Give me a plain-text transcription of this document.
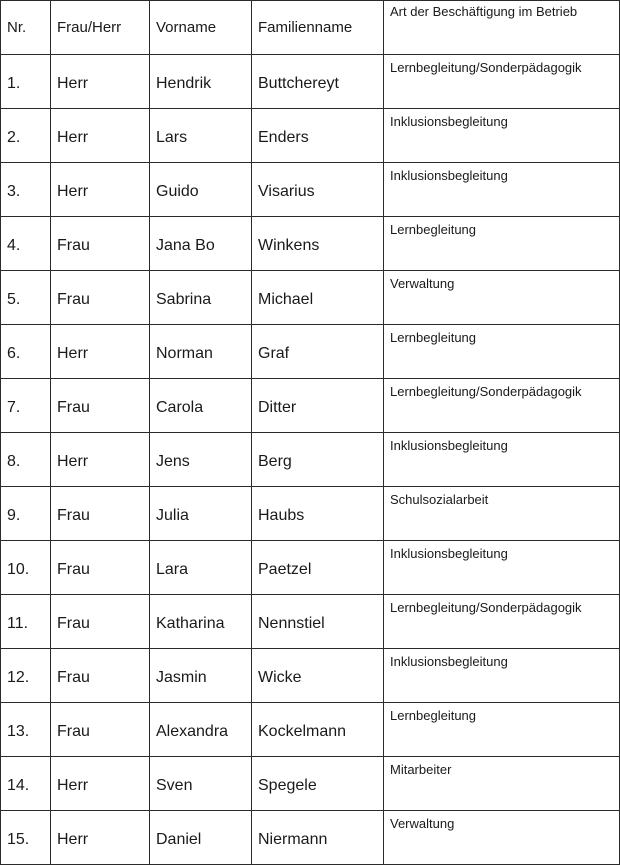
Nr.	Frau/Herr	Vorname	Familienname	Art der Beschäftigung im Betrieb
1.	Herr	Hendrik	Buttchereyt	Lernbegleitung/Sonderpädagogik
2.	Herr	Lars	Enders	Inklusionsbegleitung
3.	Herr	Guido	Visarius	Inklusionsbegleitung
4.	Frau	Jana Bo	Winkens	Lernbegleitung
5.	Frau	Sabrina	Michael	Verwaltung
6.	Herr	Norman	Graf	Lernbegleitung
7.	Frau	Carola	Ditter	Lernbegleitung/Sonderpädagogik
8.	Herr	Jens	Berg	Inklusionsbegleitung
9.	Frau	Julia	Haubs	Schulsozialarbeit
10.	Frau	Lara	Paetzel	Inklusionsbegleitung
11.	Frau	Katharina	Nennstiel	Lernbegleitung/Sonderpädagogik
12.	Frau	Jasmin	Wicke	Inklusionsbegleitung
13.	Frau	Alexandra	Kockelmann	Lernbegleitung
14.	Herr	Sven	Spegele	Mitarbeiter
15.	Herr	Daniel	Niermann	Verwaltung
